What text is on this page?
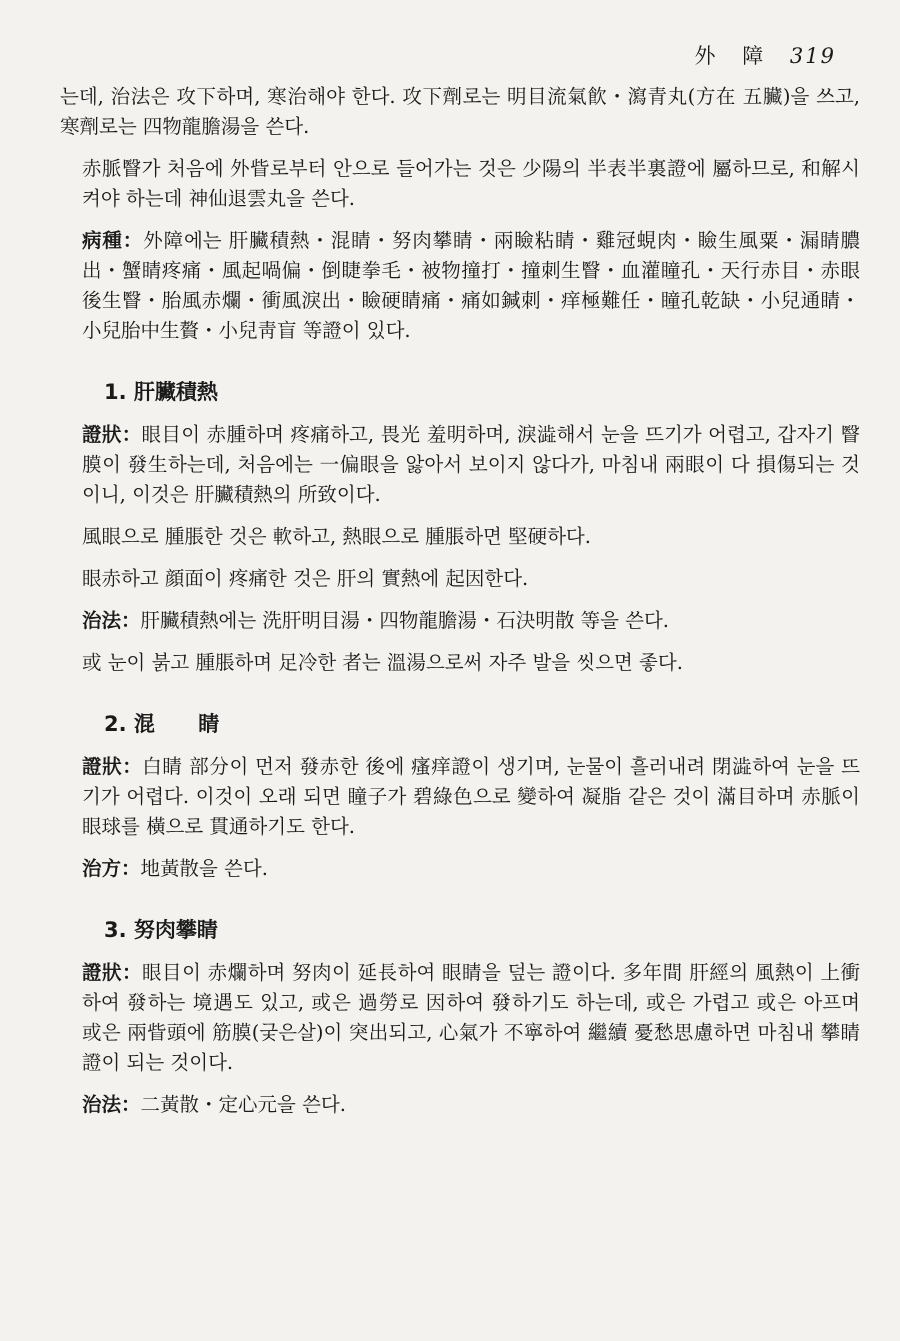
外 障 319

는데, 治法은 攻下하며, 寒治해야 한다. 攻下劑로는 明目流氣飮・瀉青丸(方在 五臟)을 쓰고, 寒劑로는 四物龍膽湯을 쓴다.

赤脈瞖가 처음에 外眥로부터 안으로 들어가는 것은 少陽의 半表半裏證에 屬하므로, 和解시켜야 하는데 神仙退雲丸을 쓴다.

病種：外障에는 肝臟積熱・混睛・努肉攀睛・兩瞼粘睛・雞冠蜆肉・瞼生風粟・漏睛膿出・蟹睛疼痛・風起喎偏・倒睫拳毛・被物撞打・撞刺生瞖・血灌瞳孔・天行赤目・赤眼後生瞖・胎風赤爛・衝風淚出・瞼硬睛痛・痛如鍼刺・痒極難任・瞳孔乾缺・小兒通睛・小兒胎中生贅・小兒靑盲 等證이 있다.

1. 肝臟積熱

證狀：眼目이 赤腫하며 疼痛하고, 畏光 羞明하며, 淚澁해서 눈을 뜨기가 어렵고, 갑자기 瞖膜이 發生하는데, 처음에는 一偏眼을 앓아서 보이지 않다가, 마침내 兩眼이 다 損傷되는 것이니, 이것은 肝臟積熱의 所致이다.

風眼으로 腫脹한 것은 軟하고, 熱眼으로 腫脹하면 堅硬하다.

眼赤하고 顔面이 疼痛한 것은 肝의 實熱에 起因한다.

治法：肝臟積熱에는 洗肝明目湯・四物龍膽湯・石決明散 等을 쓴다.

或 눈이 붉고 腫脹하며 足冷한 者는 溫湯으로써 자주 발을 씻으면 좋다.

2. 混 睛

證狀：白睛 部分이 먼저 發赤한 後에 瘙痒證이 생기며, 눈물이 흘러내려 閉澁하여 눈을 뜨기가 어렵다. 이것이 오래 되면 瞳子가 碧綠色으로 變하여 凝脂 같은 것이 滿目하며 赤脈이 眼球를 橫으로 貫通하기도 한다.

治方：地黃散을 쓴다.

3. 努肉攀睛

證狀：眼目이 赤爛하며 努肉이 延長하여 眼睛을 덮는 證이다. 多年間 肝經의 風熱이 上衝하여 發하는 境遇도 있고, 或은 過勞로 因하여 發하기도 하는데, 或은 가렵고 或은 아프며 或은 兩眥頭에 筋膜(궂은살)이 突出되고, 心氣가 不寧하여 繼續 憂愁思慮하면 마침내 攀睛證이 되는 것이다.

治法：二黃散・定心元을 쓴다.
